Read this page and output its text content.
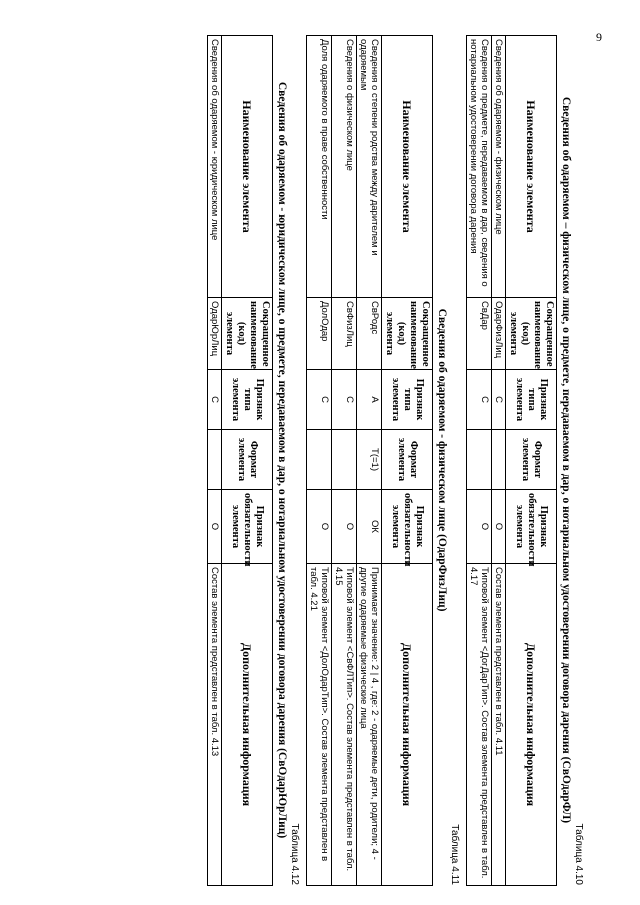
9
Таблица 4.10
Сведения об одаряемом – физическом лице, о предмете, передаваемом в дар, о нотариальном удостоверении договора дарения (СвОдарФЛ)
Наименование элемента	Сокращенное наименование (код) элемента	Признак типа элемента	Формат элемента	Признак обязательности элемента	Дополнительная информация
Сведения об одаряемом - физическом лице	ОдарФизЛиц	С		О	Состав элемента представлен в табл. 4.11
Сведения о предмете, передаваемом в дар, сведения о нотариальном удостоверении договора дарения	СвДар	С		О	Типовой элемент <ДогДарТип>. Состав элемента представлен в табл. 4.17
Таблица 4.11
Сведения об одаряемом - физическом лице (ОдарФизЛиц)
Наименование элемента	Сокращенное наименование (код) элемента	Признак типа элемента	Формат элемента	Признак обязательности элемента	Дополнительная информация
Сведения о степени родства между дарителем и одаряемым	СвРодс	А	T(=1)	ОК	Принимает значение: 2 | 4 , где: 2 - одаряемые дети, родители; 4 - другие одаряемые физические лица
Сведения о физическом лице	СвФизЛиц	С		О	Типовой элемент <СвФЛТип>. Состав элемента представлен в табл. 4.15
Доля одаряемого в праве собственности	ДолОдар	С		О	Типовой элемент <ДолОдарТип>. Состав элемента представлен в табл. 4.21
Таблица 4.12
Сведения об одаряемом - юридическом лице, о предмете, передаваемом в дар, о нотариальном удостоверении договора дарения (СвОдарЮрЛиц)
Наименование элемента	Сокращенное наименование (код) элемента	Признак типа элемента	Формат элемента	Признак обязательности элемента	Дополнительная информация
Сведения об одаряемом - юридическом лице	ОдарЮрЛиц	С		О	Состав элемента представлен в табл. 4.13
